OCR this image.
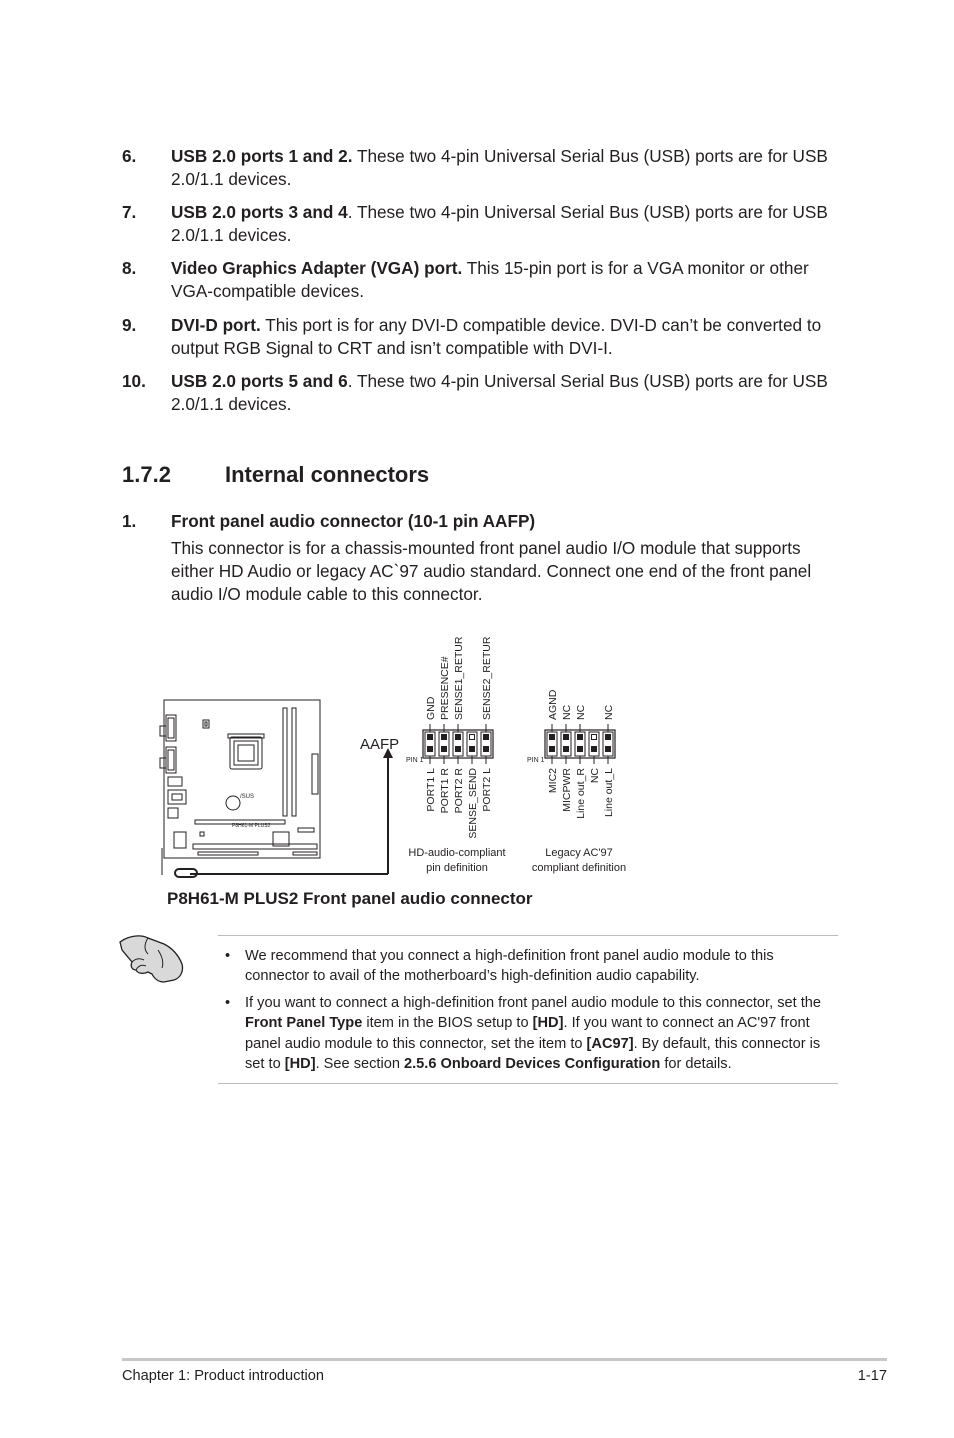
6. USB 2.0 ports 1 and 2. These two 4-pin Universal Serial Bus (USB) ports are for USB 2.0/1.1 devices.
7. USB 2.0 ports 3 and 4. These two 4-pin Universal Serial Bus (USB) ports are for USB 2.0/1.1 devices.
8. Video Graphics Adapter (VGA) port. This 15-pin port is for a VGA monitor or other VGA-compatible devices.
9. DVI-D port. This port is for any DVI-D compatible device. DVI-D can’t be converted to output RGB Signal to CRT and isn’t compatible with DVI-I.
10. USB 2.0 ports 5 and 6. These two 4-pin Universal Serial Bus (USB) ports are for USB 2.0/1.1 devices.
1.7.2 Internal connectors
1. Front panel audio connector (10-1 pin AAFP)
This connector is for a chassis-mounted front panel audio I/O module that supports either HD Audio or legacy AC`97 audio standard. Connect one end of the front panel audio I/O module cable to this connector.
/SUS
P8H61-M PLUS2
AAFP
PIN 1	PIN 1
GND PRESENCE# SENSE1_RETUR SENSE2_RETUR
PORT1 L PORT1 R PORT2 R SENSE_SEND PORT2 L
AGND NC NC NC
MIC2 MICPWR Line out_R NC Line out_L
HD-audio-compliant
pin definition
Legacy AC'97
compliant definition
P8H61-M PLUS2 Front panel audio connector
• We recommend that you connect a high-definition front panel audio module to this connector to avail of the motherboard’s high-definition audio capability.
• If you want to connect a high-definition front panel audio module to this connector, set the Front Panel Type item in the BIOS setup to [HD]. If you want to connect an AC'97 front panel audio module to this connector, set the item to [AC97]. By default, this connector is set to [HD]. See section 2.5.6 Onboard Devices Configuration for details.
Chapter 1: Product introduction	1-17
